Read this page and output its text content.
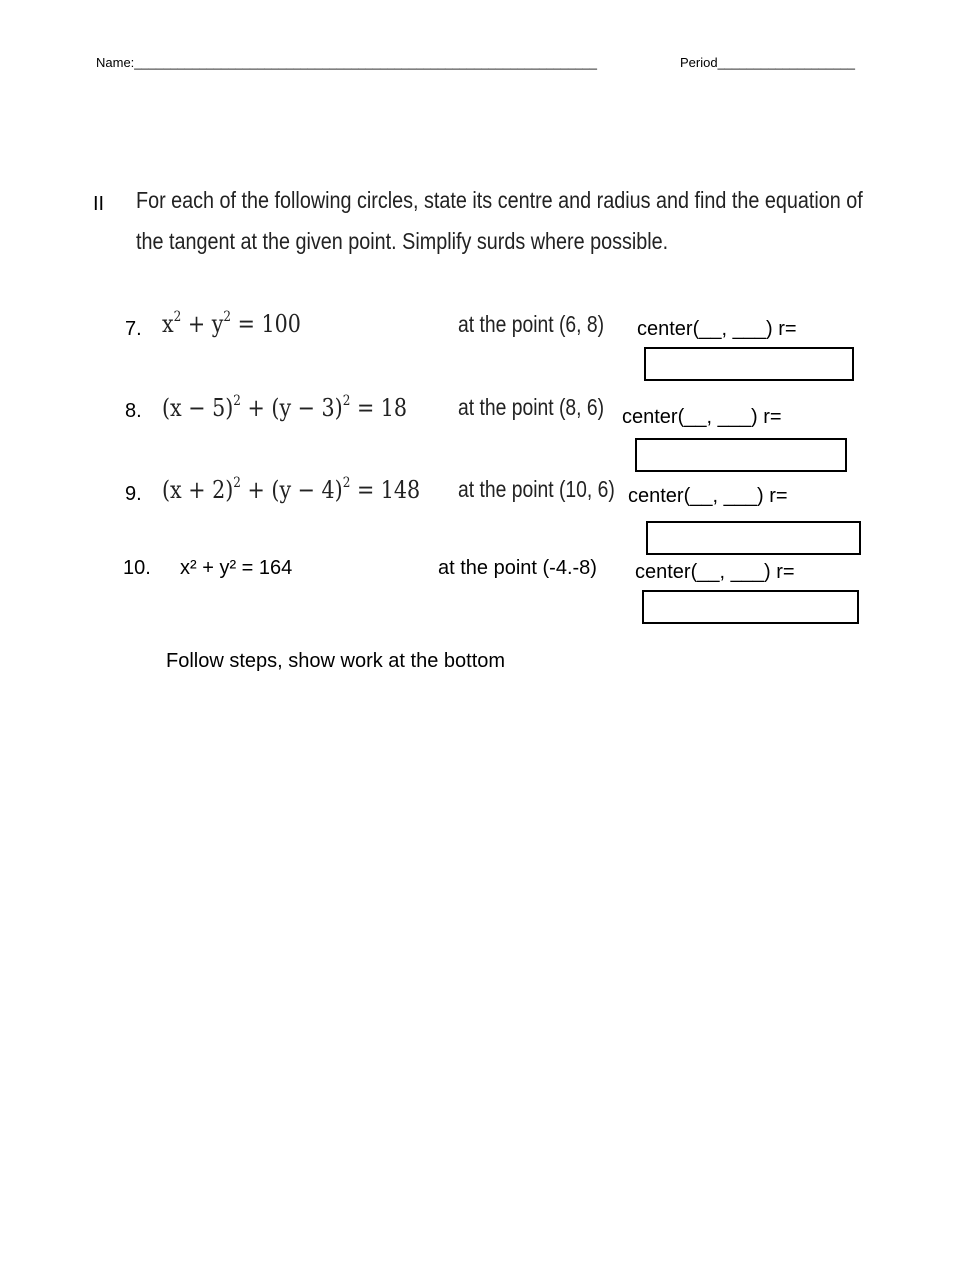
Name:________________________________________________________________	Period___________________
II For each of the following circles, state its centre and radius and find the equation of
the tangent at the given point. Simplify surds where possible.
7. $x^2 + y^2 = 100$	at the point (6, 8) center(__, ___) r=
8. $(x - 5)^2 + (y - 3)^2 = 18$ at the point (8, 6) center(__, ___) r=
9. $(x + 2)^2 + (y - 4)^2 = 148$ at the point (10, 6) center(__, ___) r=
10. x² + y² = 164	at the point (-4.-8) center(__, ___) r=
Follow steps, show work at the bottom
